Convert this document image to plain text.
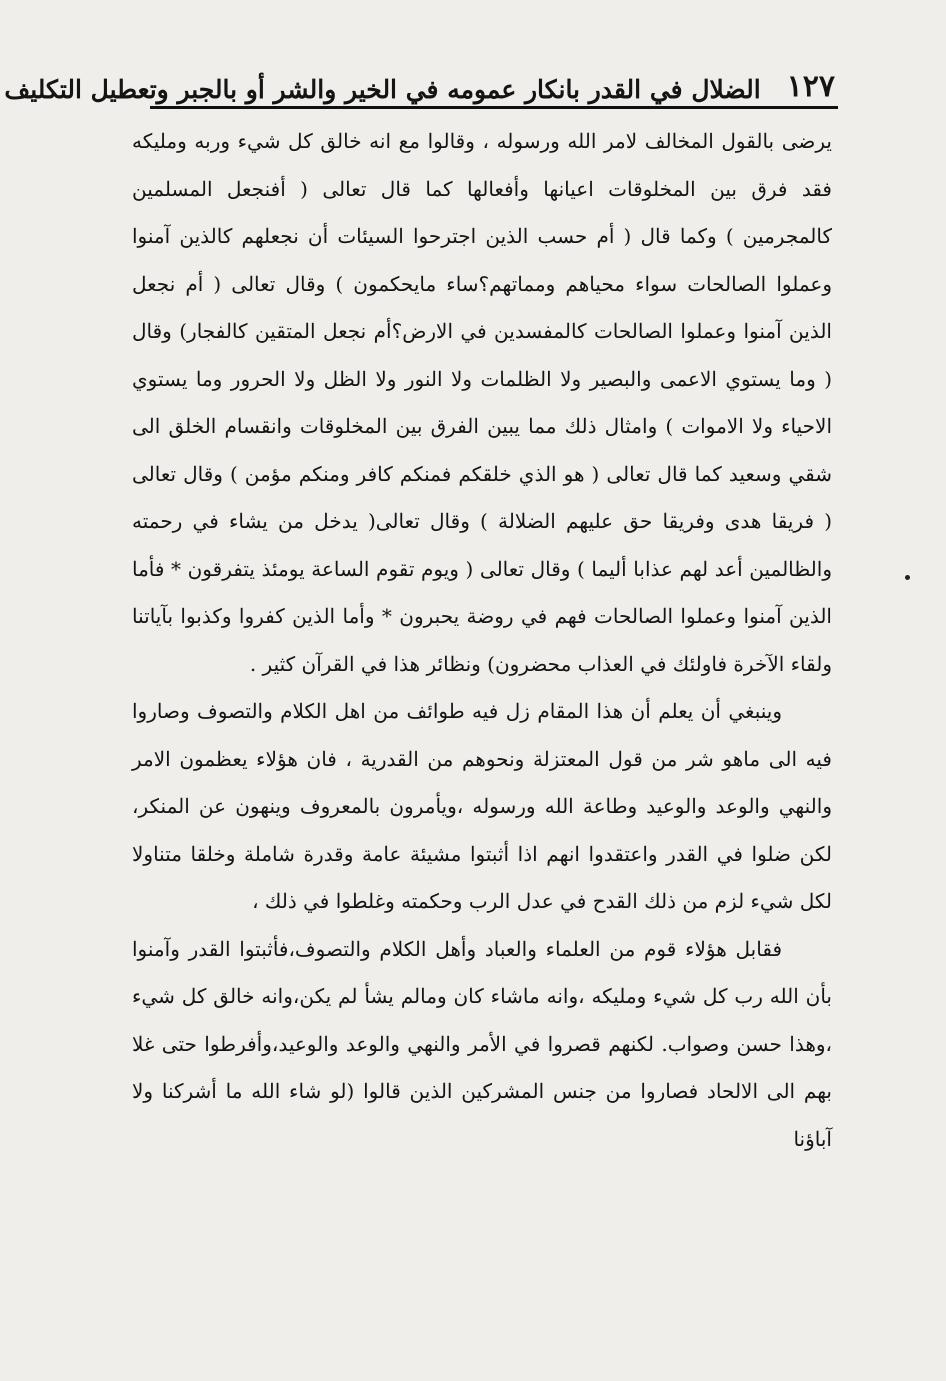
١٢٧
الضلال في القدر بانكار عمومه في الخير والشر أو بالجبر وتعطيل التكليف

يرضى بالقول المخالف لامر الله ورسوله ، وقالوا مع انه خالق كل شيء وربه ومليكه فقد فرق بين المخلوقات اعيانها وأفعالها كما قال تعالى ( أفنجعل المسلمين كالمجرمين ) وكما قال ( أم حسب الذين اجترحوا السيئات أن نجعلهم كالذين آمنوا وعملوا الصالحات سواء محياهم ومماتهم؟ساء مايحكمون ) وقال تعالى ( أم نجعل الذين آمنوا وعملوا الصالحات كالمفسدين في الارض؟أم نجعل المتقين كالفجار) وقال ( وما يستوي الاعمى والبصير ولا الظلمات ولا النور ولا الظل ولا الحرور وما يستوي الاحياء ولا الاموات ) وامثال ذلك مما يبين الفرق بين المخلوقات وانقسام الخلق الى شقي وسعيد كما قال تعالى ( هو الذي خلقكم فمنكم كافر ومنكم مؤمن ) وقال تعالى ( فريقا هدى وفريقا حق عليهم الضلالة ) وقال تعالى( يدخل من يشاء في رحمته والظالمين أعد لهم عذابا أليما ) وقال تعالى ( ويوم تقوم الساعة يومئذ يتفرقون * فأما الذين آمنوا وعملوا الصالحات فهم في روضة يحبرون * وأما الذين كفروا وكذبوا بآياتنا ولقاء الآخرة فاولئك في العذاب محضرون) ونظائر هذا في القرآن كثير .

وينبغي أن يعلم أن هذا المقام زل فيه طوائف من اهل الكلام والتصوف وصاروا فيه الى ماهو شر من قول المعتزلة ونحوهم من القدرية ، فان هؤلاء يعظمون الامر والنهي والوعد والوعيد وطاعة الله ورسوله ،ويأمرون بالمعروف وينهون عن المنكر، لكن ضلوا في القدر واعتقدوا انهم اذا أثبتوا مشيئة عامة وقدرة شاملة وخلقا متناولا لكل شيء لزم من ذلك القدح في عدل الرب وحكمته وغلطوا في ذلك ،

فقابل هؤلاء قوم من العلماء والعباد وأهل الكلام والتصوف،فأثبتوا القدر وآمنوا بأن الله رب كل شيء ومليكه ،وانه ماشاء كان ومالم يشأ لم يكن،وانه خالق كل شيء ،وهذا حسن وصواب. لكنهم قصروا في الأمر والنهي والوعد والوعيد،وأفرطوا حتى غلا بهم الى الالحاد فصاروا من جنس المشركين الذين قالوا (لو شاء الله ما أشركنا ولا آباؤنا
